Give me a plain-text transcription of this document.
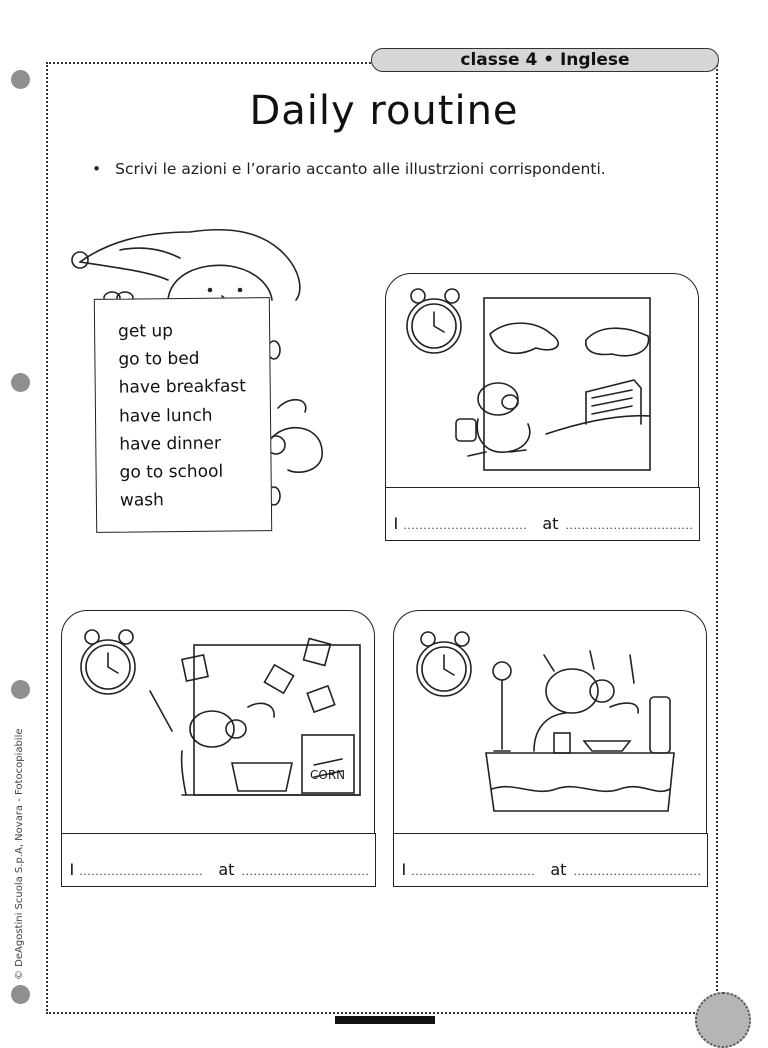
classe 4 • Inglese
Daily routine
• Scrivi le azioni e l’orario accanto alle illustrzioni corrispondenti.
get up
go to bed
have breakfast
have lunch
have dinner
go to school
wash
I ............................... at ................................
CORN
I ............................... at ................................	I ............................... at ................................
© DeAgostini Scuola S.p.A, Novara - Fotocopiabile
